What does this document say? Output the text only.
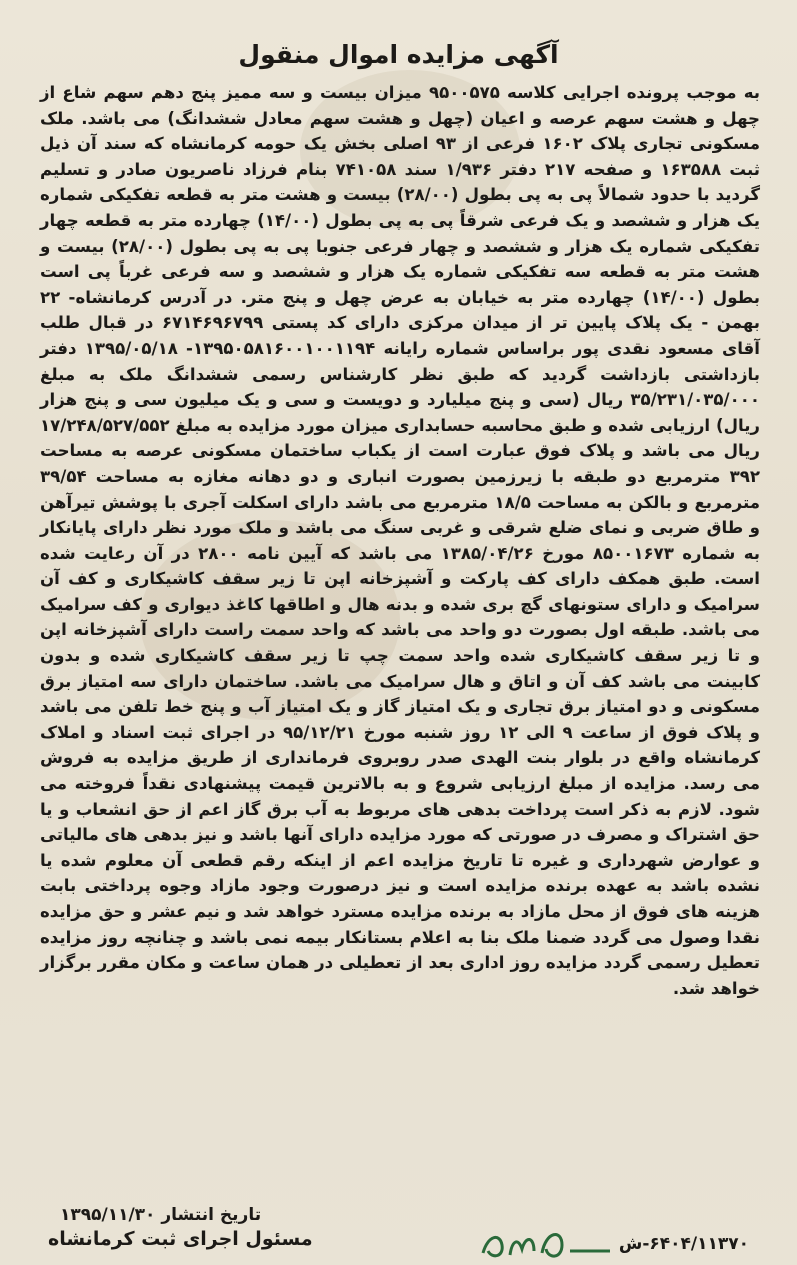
آگهی مزایده اموال منقول
به موجب پرونده اجرایی کلاسه ۹۵۰۰۵۷۵ میزان بیست و سه ممیز پنج دهم سهم شاع از چهل و هشت سهم عرصه و اعیان (چهل و هشت سهم معادل ششدانگ) می باشد. ملک مسکونی تجاری پلاک ۱۶۰۲ فرعی از ۹۳ اصلی بخش یک حومه کرمانشاه که سند آن ذیل ثبت ۱۶۳۵۸۸ و صفحه ۲۱۷ دفتر ۱/۹۳۶ سند ۷۴۱۰۵۸ بنام فرزاد ناصریون صادر و تسلیم گردید با حدود شمالاً پی به پی بطول (۲۸/۰۰) بیست و هشت متر به قطعه تفکیکی شماره یک هزار و ششصد و یک فرعی شرقاً پی به پی بطول (۱۴/۰۰) چهارده متر به قطعه چهار تفکیکی شماره یک هزار و ششصد و چهار فرعی جنوبا پی به پی بطول (۲۸/۰۰) بیست و هشت متر به قطعه سه تفکیکی شماره یک هزار و ششصد و سه فرعی غرباً پی است بطول (۱۴/۰۰) چهارده متر به خیابان به عرض چهل و پنج متر. در آدرس کرمانشاه- ۲۲ بهمن - یک پلاک پایین تر از میدان مرکزی دارای کد پستی ۶۷۱۴۶۹۶۷۹۹ در قبال طلب آقای مسعود نقدی پور براساس شماره رایانه ۱۳۹۵۰۵۸۱۶۰۰۱۰۰۱۱۹۴- ۱۳۹۵/۰۵/۱۸ دفتر بازداشتی بازداشت گردید که طبق نظر کارشناس رسمی ششدانگ ملک به مبلغ ۳۵/۲۳۱/۰۳۵/۰۰۰ ریال (سی و پنج میلیارد و دویست و سی و یک میلیون سی و پنج هزار ریال) ارزیابی شده و طبق محاسبه حسابداری میزان مورد مزایده به مبلغ ۱۷/۲۴۸/۵۲۷/۵۵۲ ریال می باشد و پلاک فوق عبارت است از یکباب ساختمان مسکونی عرصه به مساحت ۳۹۲ مترمربع دو طبقه با زیرزمین بصورت انباری و دو دهانه مغازه به مساحت ۳۹/۵۴ مترمربع و بالکن به مساحت ۱۸/۵ مترمربع می باشد دارای اسکلت آجری با پوشش تیرآهن و طاق ضربی و نمای ضلع شرقی و غربی سنگ می باشد و ملک مورد نظر دارای پایانکار به شماره ۸۵۰۰۱۶۷۳ مورخ ۱۳۸۵/۰۴/۲۶ می باشد که آیین نامه ۲۸۰۰ در آن رعایت شده است. طبق همکف دارای کف پارکت و آشپزخانه اپن تا زیر سقف کاشیکاری و کف آن سرامیک و دارای ستونهای گچ بری شده و بدنه هال و اطاقها کاغذ دیواری و کف سرامیک می باشد. طبقه اول بصورت دو واحد می باشد که واحد سمت راست دارای آشپزخانه اپن و تا زیر سقف کاشیکاری شده واحد سمت چپ تا زیر سقف کاشیکاری شده و بدون کابینت می باشد کف آن و اتاق و هال سرامیک می باشد. ساختمان دارای سه امتیاز برق مسکونی و دو امتیاز برق تجاری و یک امتیاز گاز و یک امتیاز آب و پنج خط تلفن می باشد و پلاک فوق از ساعت ۹ الی ۱۲ روز شنبه مورخ ۹۵/۱۲/۲۱ در اجرای ثبت اسناد و املاک کرمانشاه واقع در بلوار بنت الهدی صدر روبروی فرمانداری از طریق مزایده به فروش می رسد. مزایده از مبلغ ارزیابی شروع و به بالاترین قیمت پیشنهادی نقداً فروخته می شود. لازم به ذکر است پرداخت بدهی های مربوط به آب برق گاز اعم از حق انشعاب و یا حق اشتراک و مصرف در صورتی که مورد مزایده دارای آنها باشد و نیز بدهی های مالیاتی و عوارض شهرداری و غیره تا تاریخ مزایده اعم از اینکه رقم قطعی آن معلوم شده یا نشده باشد به عهده برنده مزایده است و نیز درصورت وجود مازاد وجوه پرداختی بابت هزینه های فوق از محل مازاد به برنده مزایده مسترد خواهد شد و نیم عشر و حق مزایده نقدا وصول می گردد ضمنا ملک بنا به اعلام بستانکار بیمه نمی باشد و چنانچه روز مزایده تعطیل رسمی گردد مزایده روز اداری بعد از تعطیلی در همان ساعت و مکان مقرر برگزار خواهد شد.
تاریخ انتشار ۱۳۹۵/۱۱/۳۰
مسئول اجرای ثبت کرمانشاه	۶۴۰۴/۱۱۳۷۰-ش
